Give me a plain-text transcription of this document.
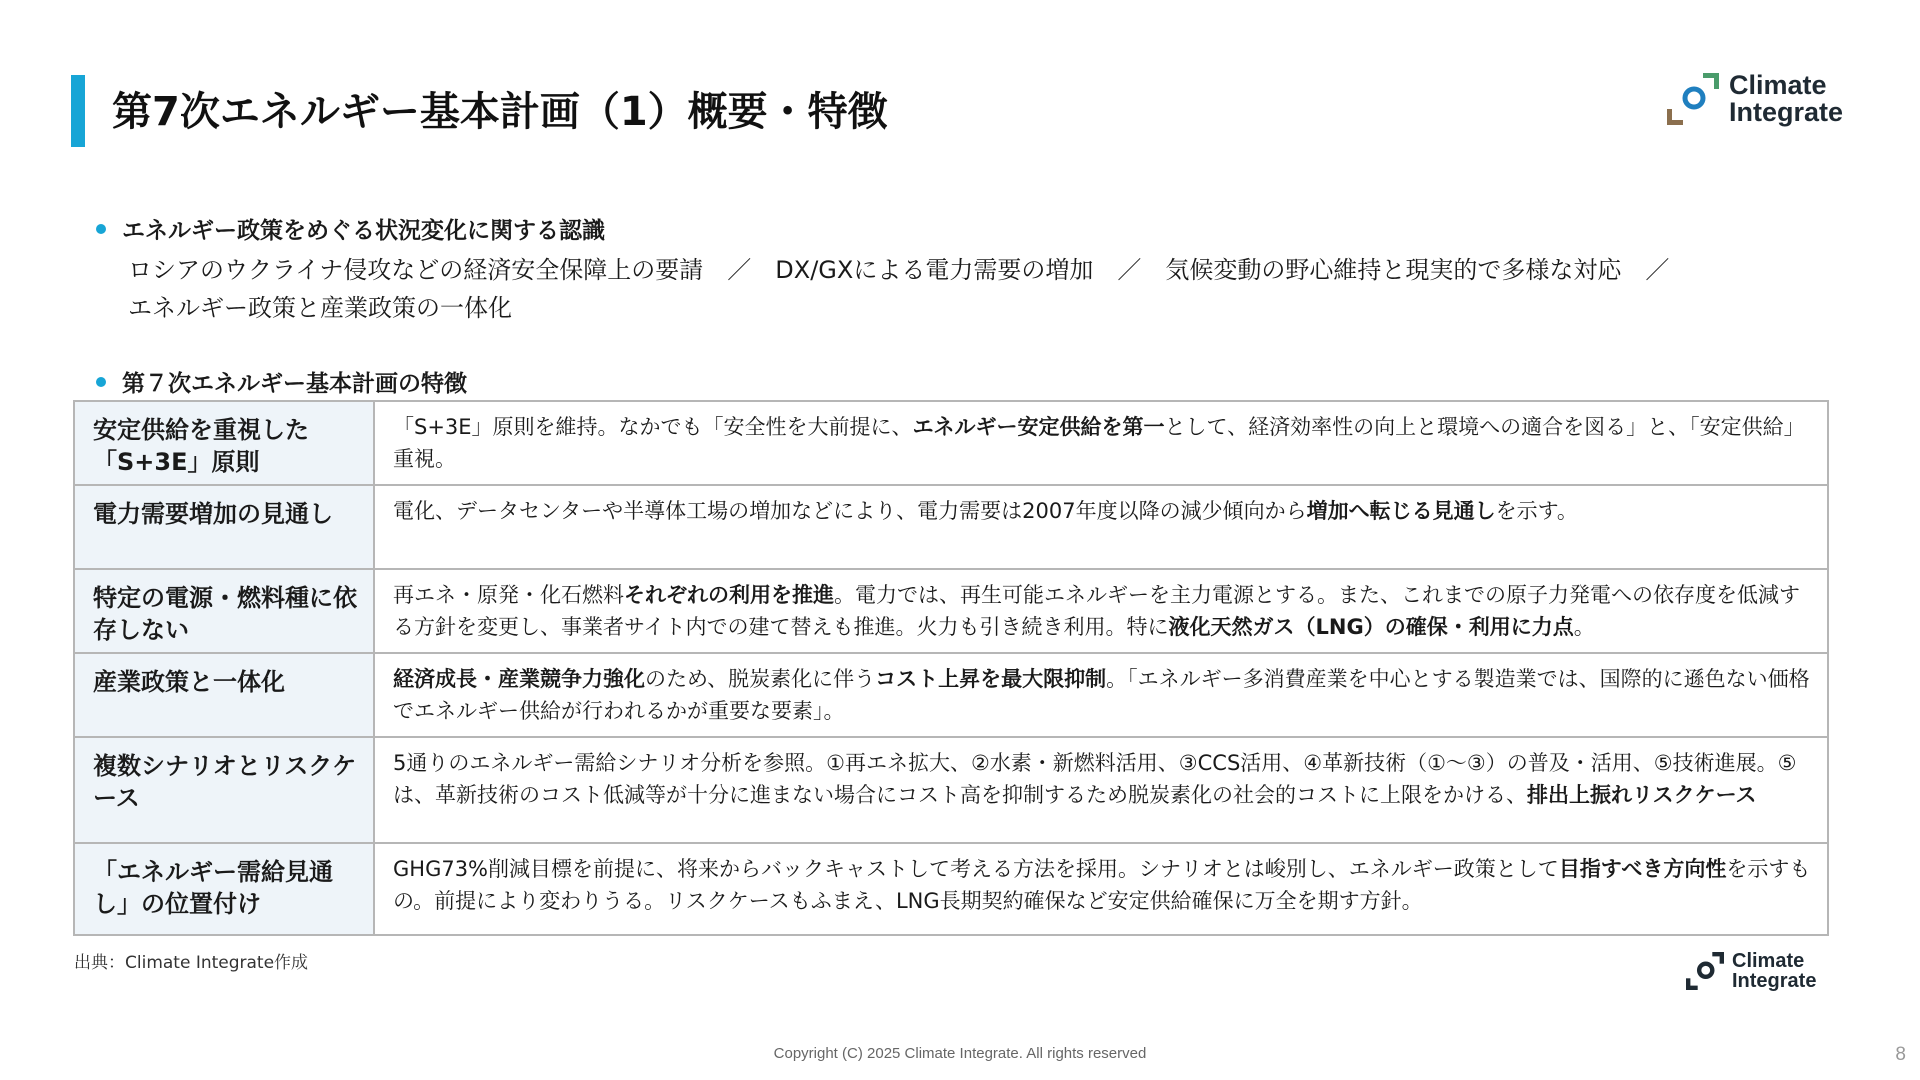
第7次エネルギー基本計画（1）概要・特徴
Climate
Integrate
エネルギー政策をめぐる状況変化に関する認識
ロシアのウクライナ侵攻などの経済安全保障上の要請　／　DX/GXによる電力需要の増加　／　気候変動の野心維持と現実的で多様な対応　／
エネルギー政策と産業政策の一体化
第７次エネルギー基本計画の特徴
安定供給を重視した「S+3E」原則	「S+3E」原則を維持。なかでも「安全性を大前提に、エネルギー安定供給を第一として、経済効率性の向上と環境への適合を図る」と、「安定供給」重視。
電力需要増加の見通し	電化、データセンターや半導体工場の増加などにより、電力需要は2007年度以降の減少傾向から増加へ転じる見通しを示す。
特定の電源・燃料種に依存しない	再エネ・原発・化石燃料それぞれの利用を推進。電力では、再生可能エネルギーを主力電源とする。また、これまでの原子力発電への依存度を低減する方針を変更し、事業者サイト内での建て替えも推進。火力も引き続き利用。特に液化天然ガス（LNG）の確保・利用に力点。
産業政策と一体化	経済成長・産業競争力強化のため、脱炭素化に伴うコスト上昇を最大限抑制。「エネルギー多消費産業を中心とする製造業では、国際的に遜色ない価格でエネルギー供給が行われるかが重要な要素」。
複数シナリオとリスクケース	5通りのエネルギー需給シナリオ分析を参照。①再エネ拡大、②水素・新燃料活用、③CCS活用、④革新技術（①～③）の普及・活用、⑤技術進展。⑤は、革新技術のコスト低減等が十分に進まない場合にコスト高を抑制するため脱炭素化の社会的コストに上限をかける、排出上振れリスクケース
「エネルギー需給見通し」の位置付け	GHG73%削減目標を前提に、将来からバックキャストして考える方法を採用。シナリオとは峻別し、エネルギー政策として目指すべき方向性を示すもの。前提により変わりうる。リスクケースもふまえ、LNG長期契約確保など安定供給確保に万全を期す方針。
出典：Climate Integrate作成	Climate
Integrate
Copyright (C) 2025 Climate Integrate. All rights reserved	8
